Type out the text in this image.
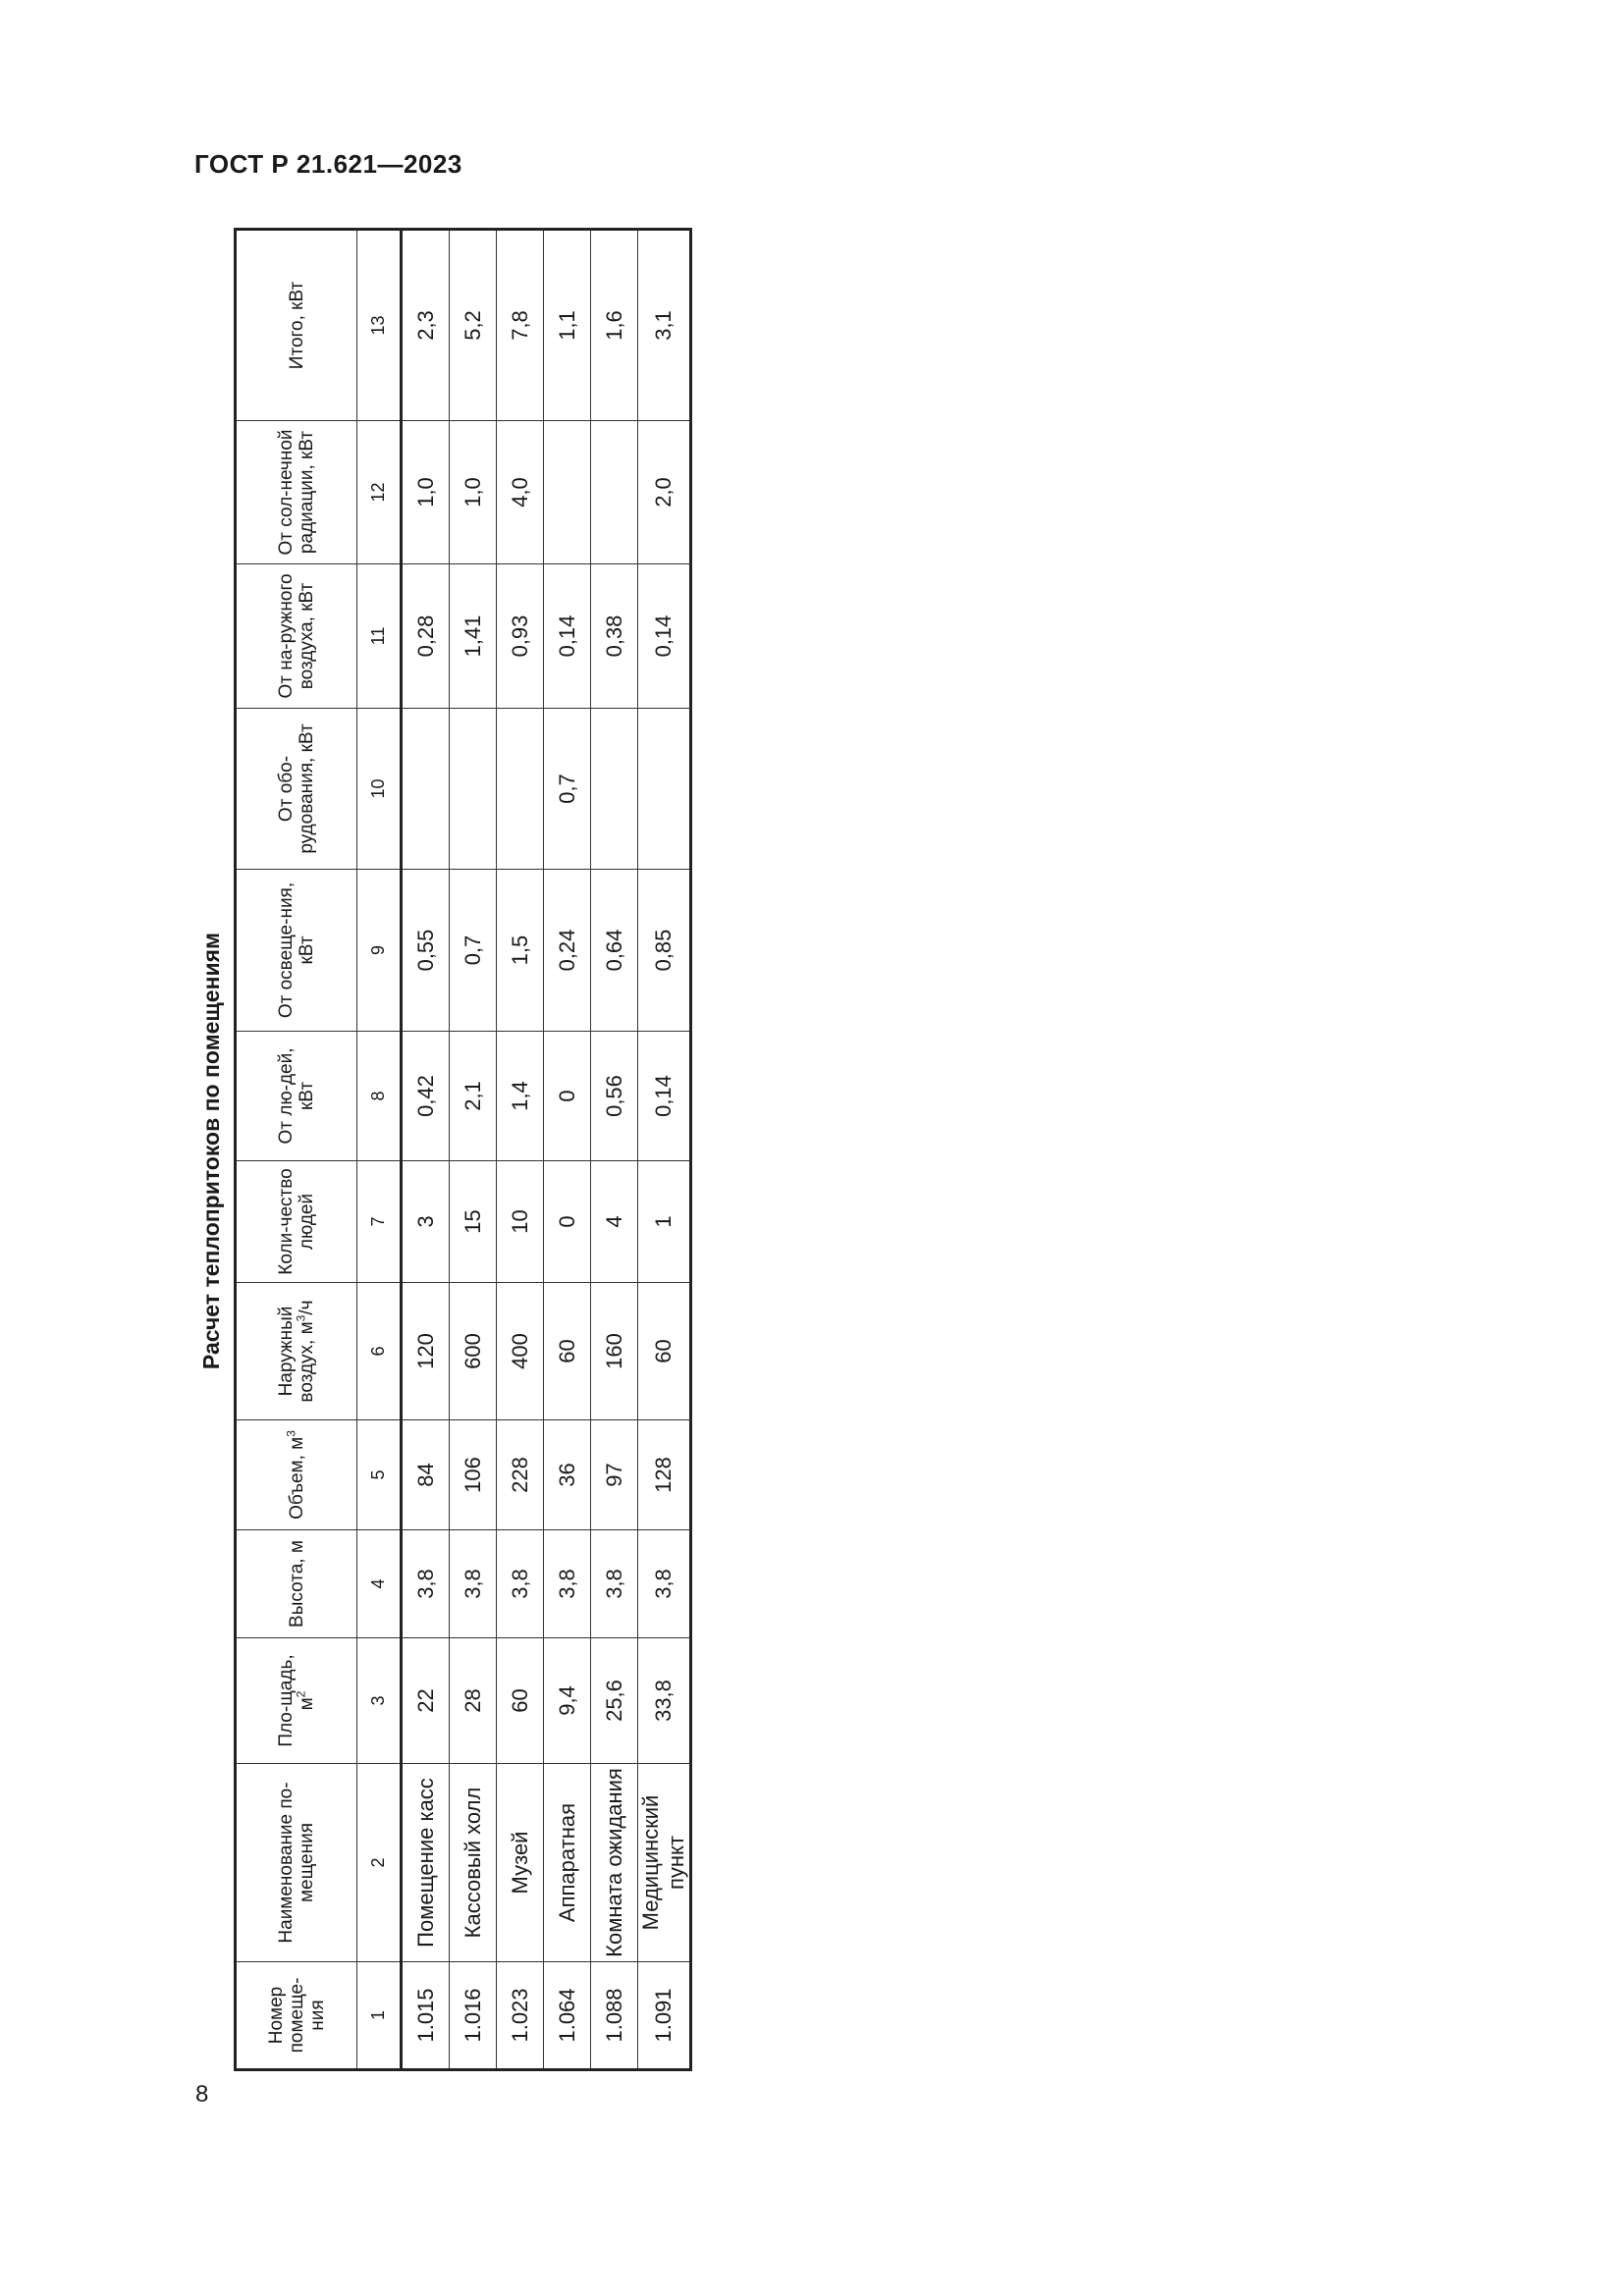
ГОСТ Р 21.621—2023
Расчет теплопритоков по помещениям
Номер помеще-ния	Наименование по-мещения	Пло-щадь, $м^2$	Высота, м	Объем, $м^3$	Наружный воздух, $м^3/ч$	Коли-чество людей	От лю-дей, кВт	От освеще-ния, кВт	От обо-рудования, кВт	От на-ружного воздуха, кВт	От сол-нечной радиации, кВт	Итого, кВт
1	2	3	4	5	6	7	8	9	10	11	12	13
1.015	Помещение касс	22	3,8	84	120	3	0,42	0,55		0,28	1,0	2,3
1.016	Кассовый холл	28	3,8	106	600	15	2,1	0,7		1,41	1,0	5,2
1.023	Музей	60	3,8	228	400	10	1,4	1,5		0,93	4,0	7,8
1.064	Аппаратная	9,4	3,8	36	60	0	0	0,24	0,7	0,14		1,1
1.088	Комната ожидания	25,6	3,8	97	160	4	0,56	0,64		0,38		1,6
1.091	Медицинский пункт	33,8	3,8	128	60	1	0,14	0,85		0,14	2,0	3,1
8
